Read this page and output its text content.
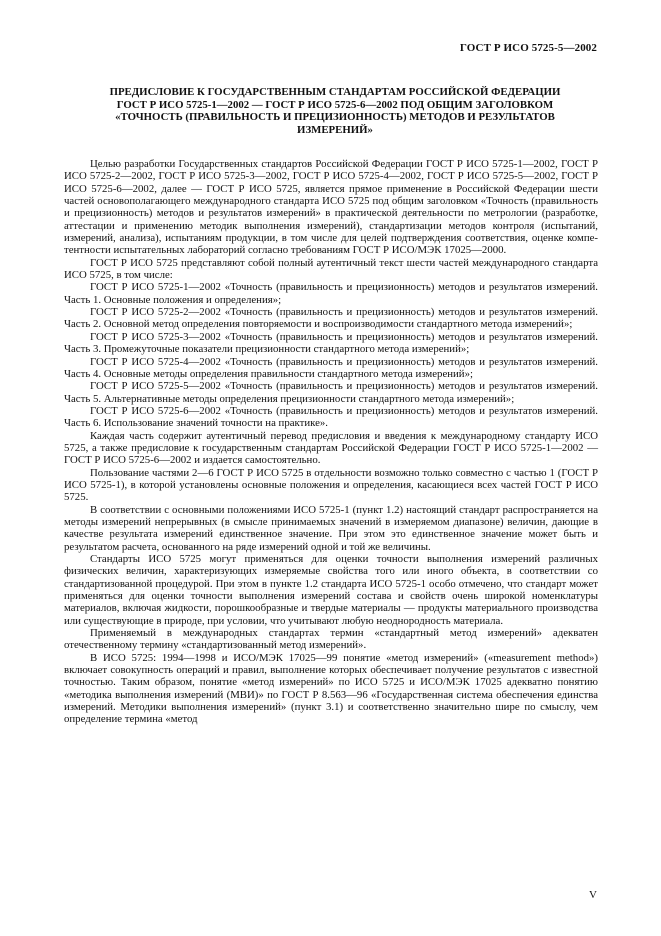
ГОСТ Р ИСО 5725-5—2002
ПРЕДИСЛОВИЕ К ГОСУДАРСТВЕННЫМ СТАНДАРТАМ РОССИЙСКОЙ ФЕДЕРАЦИИ
ГОСТ Р ИСО 5725-1—2002 — ГОСТ Р ИСО 5725-6—2002 ПОД ОБЩИМ ЗАГОЛОВКОМ
«ТОЧНОСТЬ (ПРАВИЛЬНОСТЬ И ПРЕЦИЗИОННОСТЬ) МЕТОДОВ И РЕЗУЛЬТАТОВ
ИЗМЕРЕНИЙ»

Целью разработки Государственных стандартов Российской Федерации ГОСТ Р ИСО 5725-1—2002, ГОСТ Р ИСО 5725-2—2002, ГОСТ Р ИСО 5725-3—2002, ГОСТ Р ИСО 5725-4—2002, ГОСТ Р ИСО 5725-5—2002, ГОСТ Р ИСО 5725-6—2002, далее — ГОСТ Р ИСО 5725, является прямое применение в Российской Федерации шести частей основополагающего международного стандарта ИСО 5725 под общим заголовком «Точность (правильность и прецизионность) методов и результатов измерений» в практической деятельности по метрологии (разработке, аттестации и применению методик выполнения измерений), стандартизации методов контроля (испытаний, измерений, анализа), испытаниям продукции, в том числе для целей подтверждения соответствия, оценке компетентности испытательных лабораторий согласно требованиям ГОСТ Р ИСО/МЭК 17025—2000.

ГОСТ Р ИСО 5725 представляют собой полный аутентичный текст шести частей международного стандарта ИСО 5725, в том числе:

ГОСТ Р ИСО 5725-1—2002 «Точность (правильность и прецизионность) методов и результатов измерений. Часть 1. Основные положения и определения»;

ГОСТ Р ИСО 5725-2—2002 «Точность (правильность и прецизионность) методов и результатов измерений. Часть 2. Основной метод определения повторяемости и воспроизводимости стандартного метода измерений»;

ГОСТ Р ИСО 5725-3—2002 «Точность (правильность и прецизионность) методов и результатов измерений. Часть 3. Промежуточные показатели прецизионности стандартного метода измерений»;

ГОСТ Р ИСО 5725-4—2002 «Точность (правильность и прецизионность) методов и результатов измерений. Часть 4. Основные методы определения правильности стандартного метода измерений»;

ГОСТ Р ИСО 5725-5—2002 «Точность (правильность и прецизионность) методов и результатов измерений. Часть 5. Альтернативные методы определения прецизионности стандартного метода измерений»;

ГОСТ Р ИСО 5725-6—2002 «Точность (правильность и прецизионность) методов и результатов измерений. Часть 6. Использование значений точности на практике».

Каждая часть содержит аутентичный перевод предисловия и введения к международному стандарту ИСО 5725, а также предисловие к государственным стандартам Российской Федерации ГОСТ Р ИСО 5725-1—2002 — ГОСТ Р ИСО 5725-6—2002 и издается самостоятельно.

Пользование частями 2—6 ГОСТ Р ИСО 5725 в отдельности возможно только совместно с частью 1 (ГОСТ Р ИСО 5725-1), в которой установлены основные положения и определения, касающиеся всех частей ГОСТ Р ИСО 5725.

В соответствии с основными положениями ИСО 5725-1 (пункт 1.2) настоящий стандарт распространяется на методы измерений непрерывных (в смысле принимаемых значений в измеряемом диапазоне) величин, дающие в качестве результата измерений единственное значение. При этом это единственное значение может быть и результатом расчета, основанного на ряде измерений одной и той же величины.

Стандарты ИСО 5725 могут применяться для оценки точности выполнения измерений различных физических величин, характеризующих измеряемые свойства того или иного объекта, в соответствии со стандартизованной процедурой. При этом в пункте 1.2 стандарта ИСО 5725-1 особо отмечено, что стандарт может применяться для оценки точности выполнения измерений состава и свойств очень широкой номенклатуры материалов, включая жидкости, порошкообразные и твердые материалы — продукты материального производства или существующие в природе, при условии, что учитывают любую неоднородность материала.

Применяемый в международных стандартах термин «стандартный метод измерений» адекватен отечественному термину «стандартизованный метод измерений».

В ИСО 5725: 1994—1998 и ИСО/МЭК 17025—99 понятие «метод измерений» («measurement method») включает совокупность операций и правил, выполнение которых обеспечивает получение результатов с известной точностью. Таким образом, понятие «метод измерений» по ИСО 5725 и ИСО/МЭК 17025 адекватно понятию «методика выполнения измерений (МВИ)» по ГОСТ Р 8.563—96 «Государственная система обеспечения единства измерений. Методики выполнения измерений» (пункт 3.1) и соответственно значительно шире по смыслу, чем определение термина «метод

V
